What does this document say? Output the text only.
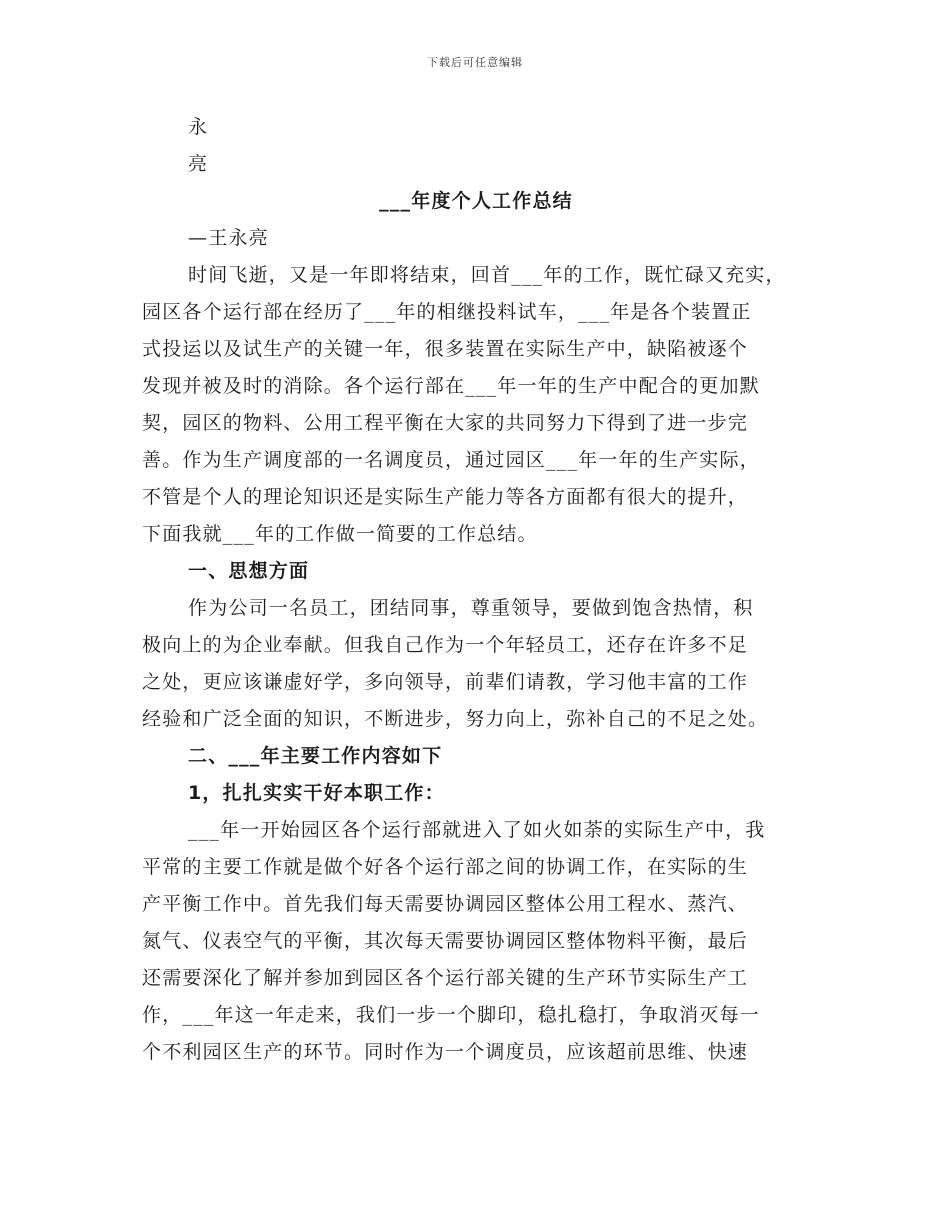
下载后可任意编辑
永
亮
___年度个人工作总结
—王永亮
时间飞逝，又是一年即将结束，回首___年的工作，既忙碌又充实，
园区各个运行部在经历了___年的相继投料试车，___年是各个装置正
式投运以及试生产的关键一年，很多装置在实际生产中，缺陷被逐个
发现并被及时的消除。各个运行部在___年一年的生产中配合的更加默
契，园区的物料、公用工程平衡在大家的共同努力下得到了进一步完
善。作为生产调度部的一名调度员，通过园区___年一年的生产实际，
不管是个人的理论知识还是实际生产能力等各方面都有很大的提升，
下面我就___年的工作做一简要的工作总结。
一、思想方面
作为公司一名员工，团结同事，尊重领导，要做到饱含热情，积
极向上的为企业奉献。但我自己作为一个年轻员工，还存在许多不足
之处，更应该谦虚好学，多向领导，前辈们请教，学习他丰富的工作
经验和广泛全面的知识，不断进步，努力向上，弥补自己的不足之处。
二、___年主要工作内容如下
1，扎扎实实干好本职工作：
___年一开始园区各个运行部就进入了如火如荼的实际生产中，我
平常的主要工作就是做个好各个运行部之间的协调工作，在实际的生
产平衡工作中。首先我们每天需要协调园区整体公用工程水、蒸汽、
氮气、仪表空气的平衡，其次每天需要协调园区整体物料平衡，最后
还需要深化了解并参加到园区各个运行部关键的生产环节实际生产工
作，___年这一年走来，我们一步一个脚印，稳扎稳打，争取消灭每一
个不利园区生产的环节。同时作为一个调度员，应该超前思维、快速
